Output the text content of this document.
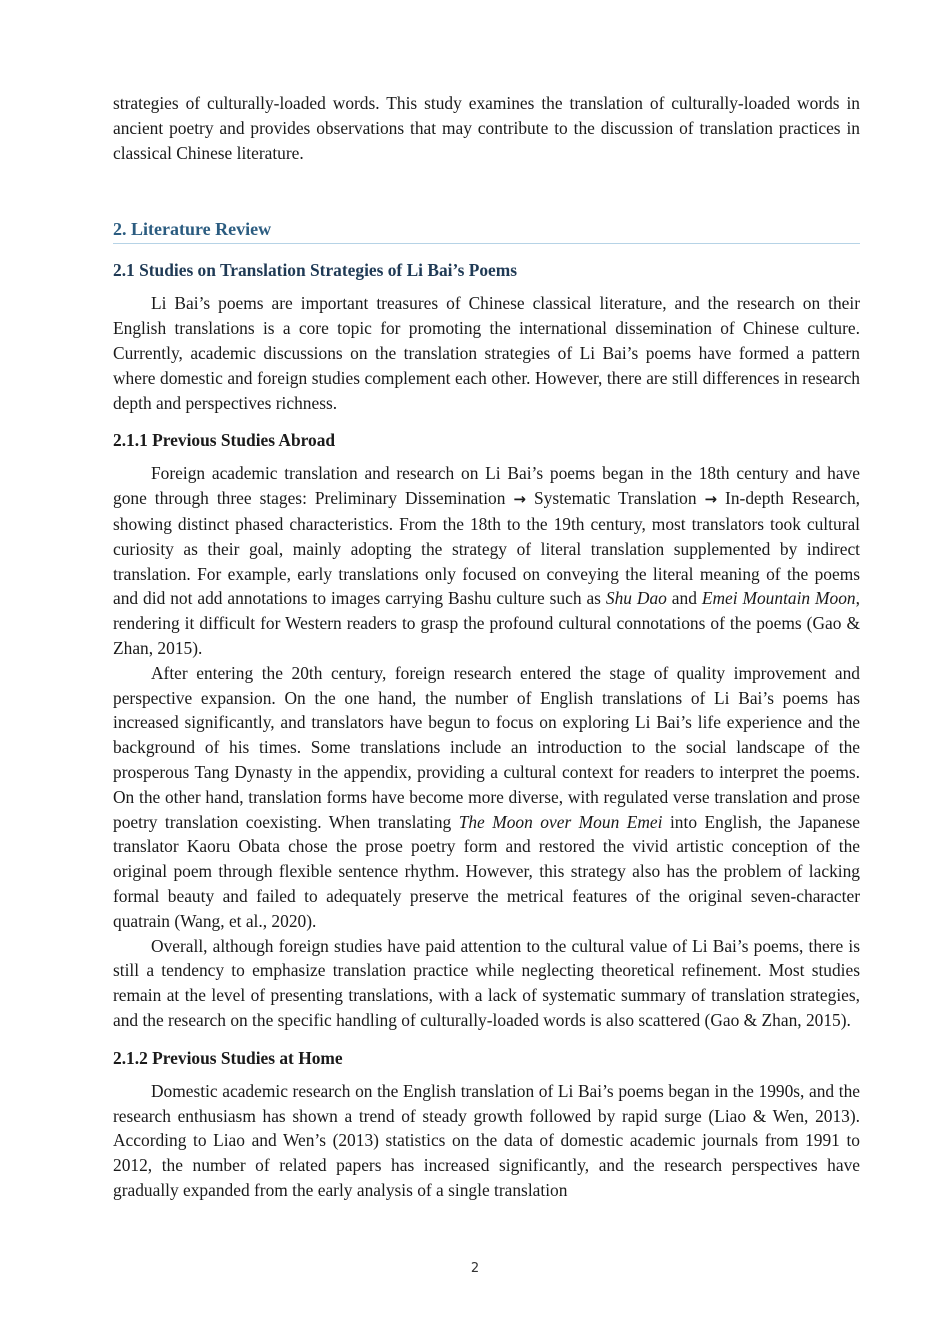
strategies of culturally-loaded words. This study examines the translation of culturally-loaded words in ancient poetry and provides observations that may contribute to the discussion of translation practices in classical Chinese literature.

2. Literature Review
2.1 Studies on Translation Strategies of Li Bai’s Poems

Li Bai’s poems are important treasures of Chinese classical literature, and the research on their English translations is a core topic for promoting the international dissemination of Chinese culture. Currently, academic discussions on the translation strategies of Li Bai’s poems have formed a pattern where domestic and foreign studies complement each other. However, there are still differences in research depth and perspectives richness.

2.1.1 Previous Studies Abroad

Foreign academic translation and research on Li Bai’s poems began in the 18th century and have gone through three stages: Preliminary Dissemination → Systematic Translation → In-depth Research, showing distinct phased characteristics. From the 18th to the 19th century, most translators took cultural curiosity as their goal, mainly adopting the strategy of literal translation supplemented by indirect translation. For example, early translations only focused on conveying the literal meaning of the poems and did not add annotations to images carrying Bashu culture such as Shu Dao and Emei Mountain Moon, rendering it difficult for Western readers to grasp the profound cultural connotations of the poems (Gao & Zhan, 2015).

After entering the 20th century, foreign research entered the stage of quality improvement and perspective expansion. On the one hand, the number of English translations of Li Bai’s poems has increased significantly, and translators have begun to focus on exploring Li Bai’s life experience and the background of his times. Some translations include an introduction to the social landscape of the prosperous Tang Dynasty in the appendix, providing a cultural context for readers to interpret the poems. On the other hand, translation forms have become more diverse, with regulated verse translation and prose poetry translation coexisting. When translating The Moon over Moun Emei into English, the Japanese translator Kaoru Obata chose the prose poetry form and restored the vivid artistic conception of the original poem through flexible sentence rhythm. However, this strategy also has the problem of lacking formal beauty and failed to adequately preserve the metrical features of the original seven-character quatrain (Wang, et al., 2020).

Overall, although foreign studies have paid attention to the cultural value of Li Bai’s poems, there is still a tendency to emphasize translation practice while neglecting theoretical refinement. Most studies remain at the level of presenting translations, with a lack of systematic summary of translation strategies, and the research on the specific handling of culturally-loaded words is also scattered (Gao & Zhan, 2015).

2.1.2 Previous Studies at Home

Domestic academic research on the English translation of Li Bai’s poems began in the 1990s, and the research enthusiasm has shown a trend of steady growth followed by rapid surge (Liao & Wen, 2013). According to Liao and Wen’s (2013) statistics on the data of domestic academic journals from 1991 to 2012, the number of related papers has increased significantly, and the research perspectives have gradually expanded from the early analysis of a single translation

2
